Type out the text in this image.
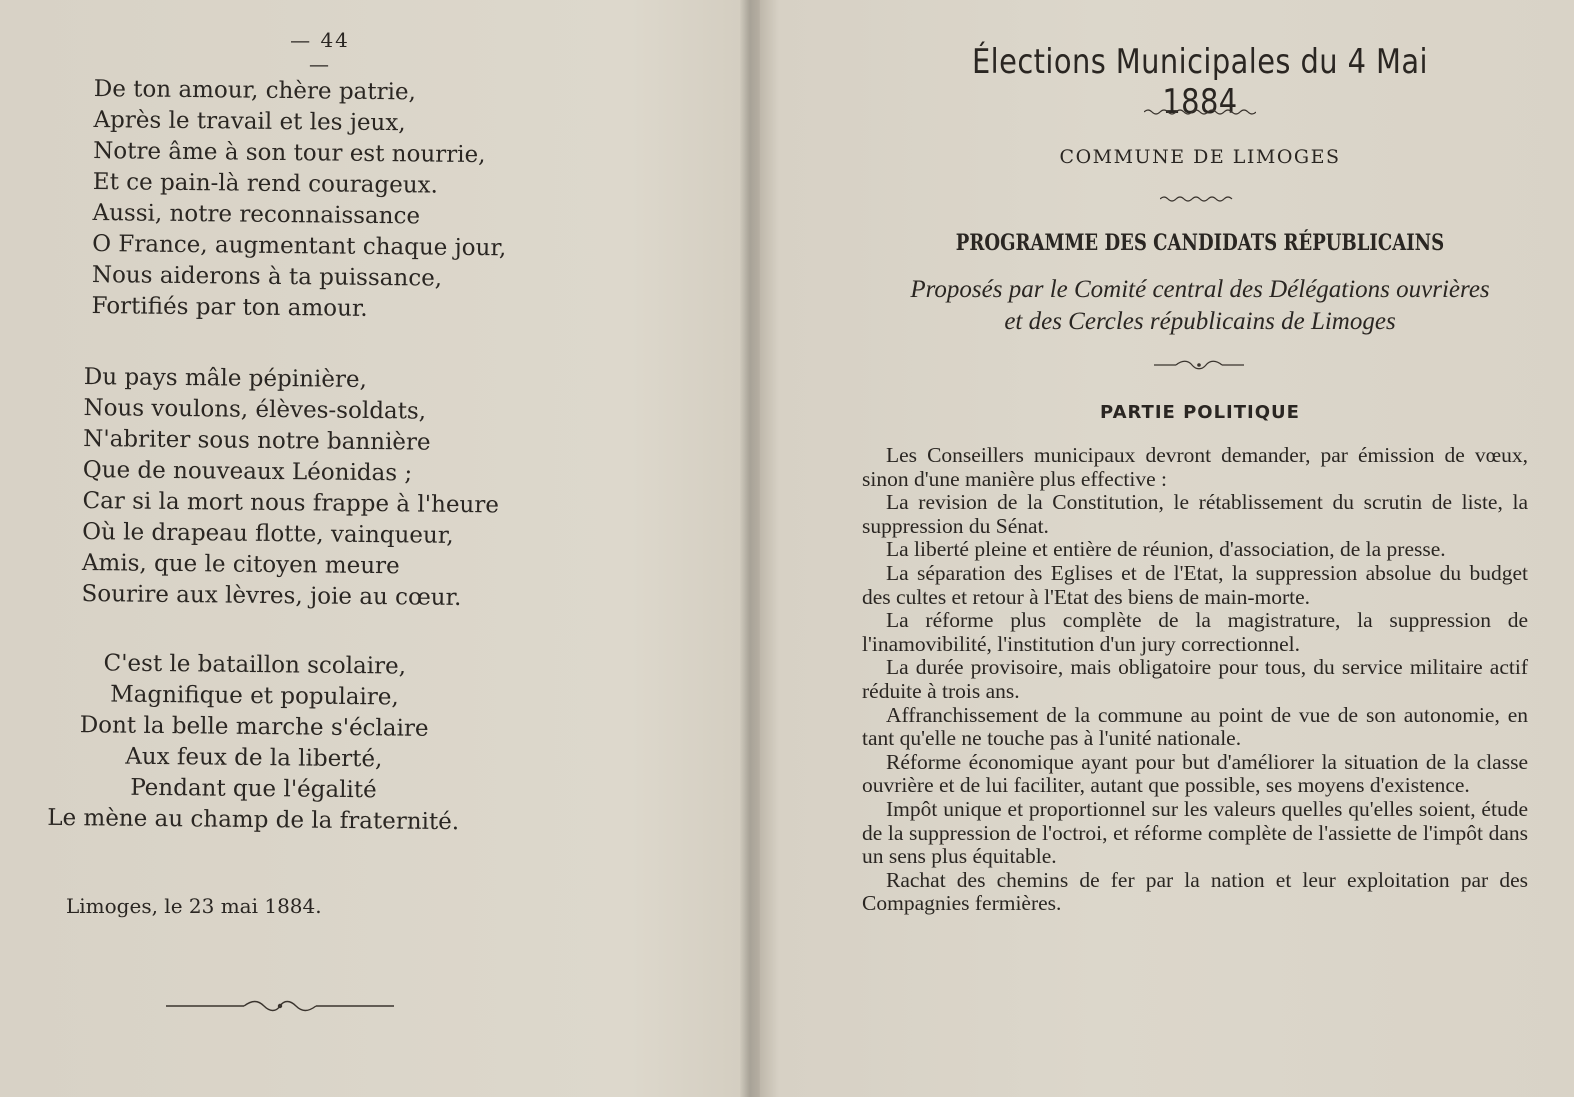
— 44 —
De ton amour, chère patrie,
Après le travail et les jeux,
Notre âme à son tour est nourrie,
Et ce pain-là rend courageux.
Aussi, notre reconnaissance
O France, augmentant chaque jour,
Nous aiderons à ta puissance,
Fortifiés par ton amour.
Du pays mâle pépinière,
Nous voulons, élèves-soldats,
N'abriter sous notre bannière
Que de nouveaux Léonidas ;
Car si la mort nous frappe à l'heure
Où le drapeau flotte, vainqueur,
Amis, que le citoyen meure
Sourire aux lèvres, joie au cœur.
C'est le bataillon scolaire,
Magnifique et populaire,
Dont la belle marche s'éclaire
Aux feux de la liberté,
Pendant que l'égalité
Le mène au champ de la fraternité.
Limoges, le 23 mai 1884.
Élections Municipales du 4 Mai 1884
COMMUNE DE LIMOGES
PROGRAMME DES CANDIDATS RÉPUBLICAINS
Proposés par le Comité central des Délégations ouvrières
et des Cercles républicains de Limoges
PARTIE POLITIQUE

Les Conseillers municipaux devront demander, par émission de vœux, sinon d'une manière plus effective :

La revision de la Constitution, le rétablissement du scrutin de liste, la suppression du Sénat.

La liberté pleine et entière de réunion, d'association, de la presse.

La séparation des Eglises et de l'Etat, la suppression absolue du budget des cultes et retour à l'Etat des biens de main-morte.

La réforme plus complète de la magistrature, la suppression de l'inamovibilité, l'institution d'un jury correctionnel.

La durée provisoire, mais obligatoire pour tous, du service militaire actif réduite à trois ans.

Affranchissement de la commune au point de vue de son autonomie, en tant qu'elle ne touche pas à l'unité nationale.

Réforme économique ayant pour but d'améliorer la situation de la classe ouvrière et de lui faciliter, autant que possible, ses moyens d'existence.

Impôt unique et proportionnel sur les valeurs quelles qu'elles soient, étude de la suppression de l'octroi, et réforme complète de l'assiette de l'impôt dans un sens plus équitable.

Rachat des chemins de fer par la nation et leur exploitation par des Compagnies fermières.
